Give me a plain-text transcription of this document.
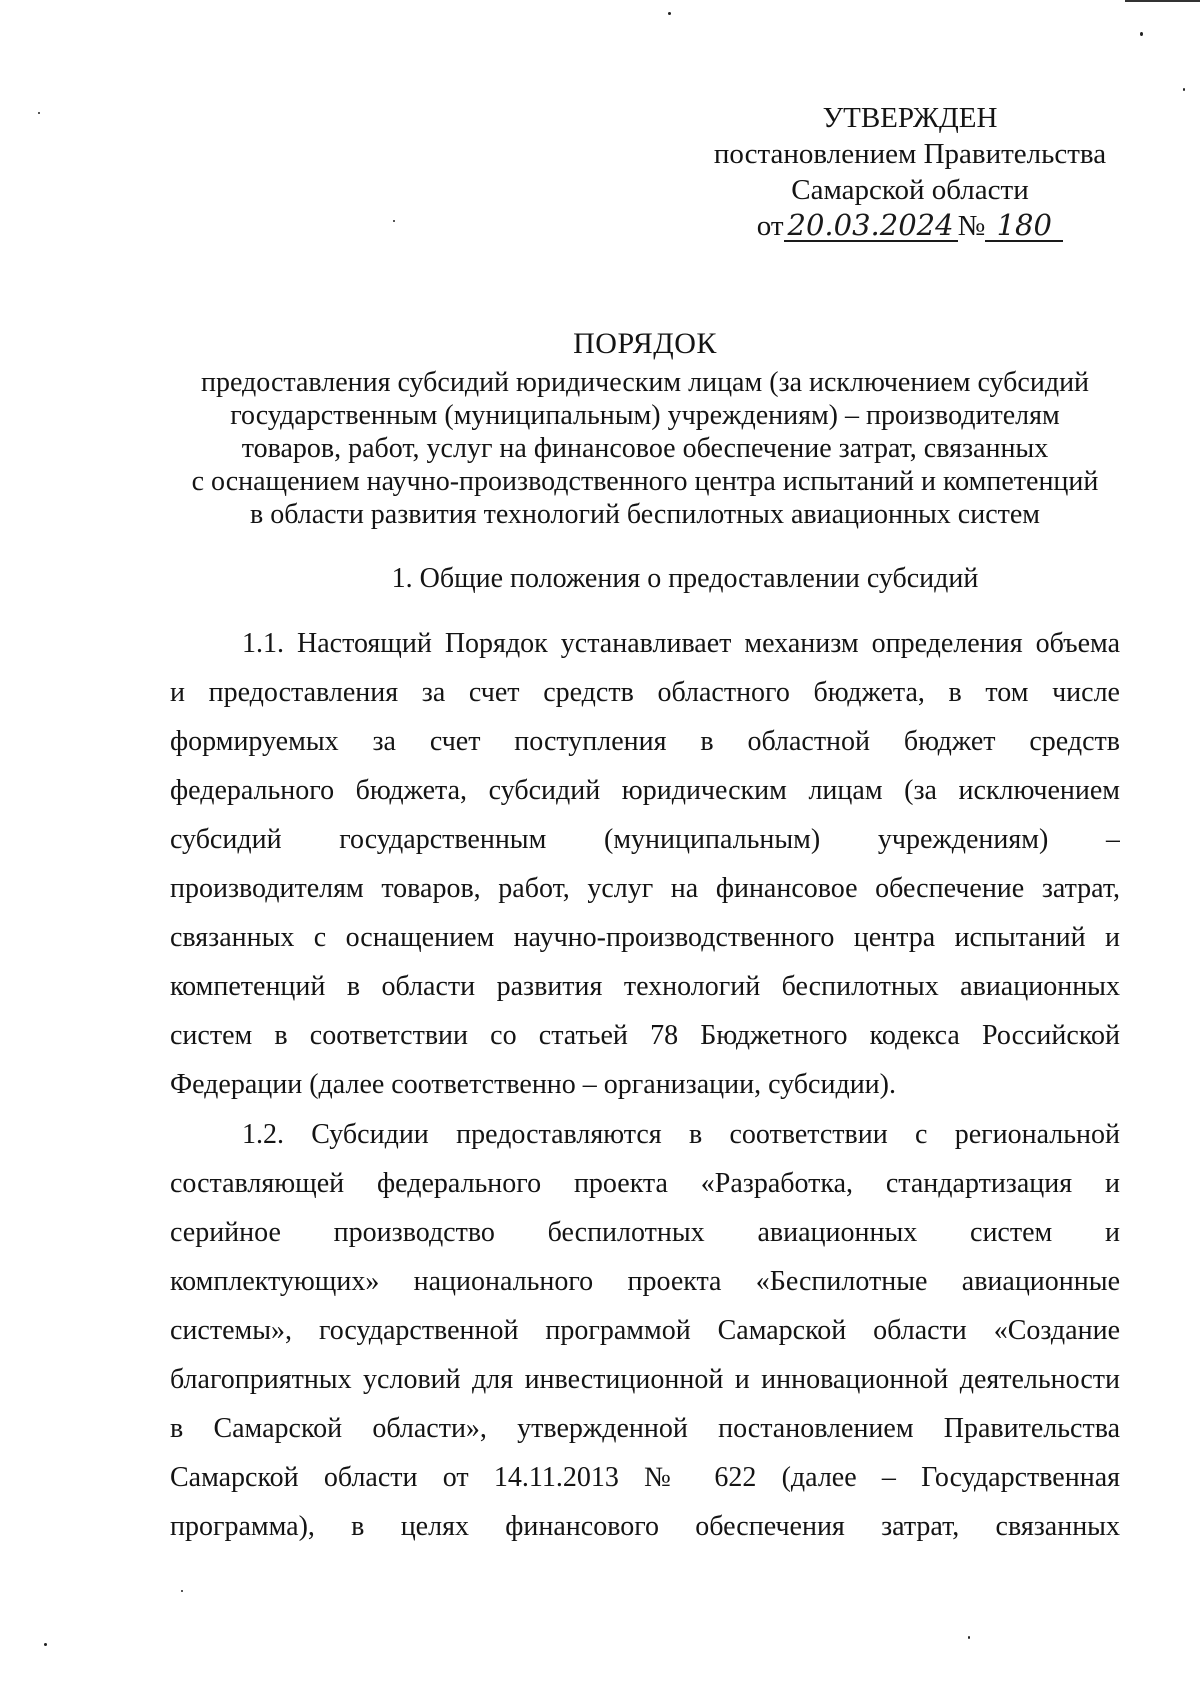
УТВЕРЖДЕН
постановлением Правительства
Самарской области
от 20.03.2024 № 180
ПОРЯДОК
предоставления субсидий юридическим лицам (за исключением субсидий
государственным (муниципальным) учреждениям) – производителям
товаров, работ, услуг на финансовое обеспечение затрат, связанных
с оснащением научно-производственного центра испытаний и компетенций
в области развития технологий беспилотных авиационных систем
1. Общие положения о предоставлении субсидий
1.1. Настоящий Порядок устанавливает механизм определения объема
и предоставления за счет средств областного бюджета, в том числе
формируемых за счет поступления в областной бюджет средств
федерального бюджета, субсидий юридическим лицам (за исключением
субсидий государственным (муниципальным) учреждениям) –
производителям товаров, работ, услуг на финансовое обеспечение затрат,
связанных с оснащением научно-производственного центра испытаний и
компетенций в области развития технологий беспилотных авиационных
систем в соответствии со статьей 78 Бюджетного кодекса Российской
Федерации (далее соответственно – организации, субсидии).
1.2. Субсидии предоставляются в соответствии с региональной
составляющей федерального проекта «Разработка, стандартизация и
серийное производство беспилотных авиационных систем и
комплектующих» национального проекта «Беспилотные авиационные
системы», государственной программой Самарской области «Создание
благоприятных условий для инвестиционной и инновационной деятельности
в Самарской области», утвержденной постановлением Правительства
Самарской области от 14.11.2013 № 622 (далее – Государственная
программа), в целях финансового обеспечения затрат, связанных
